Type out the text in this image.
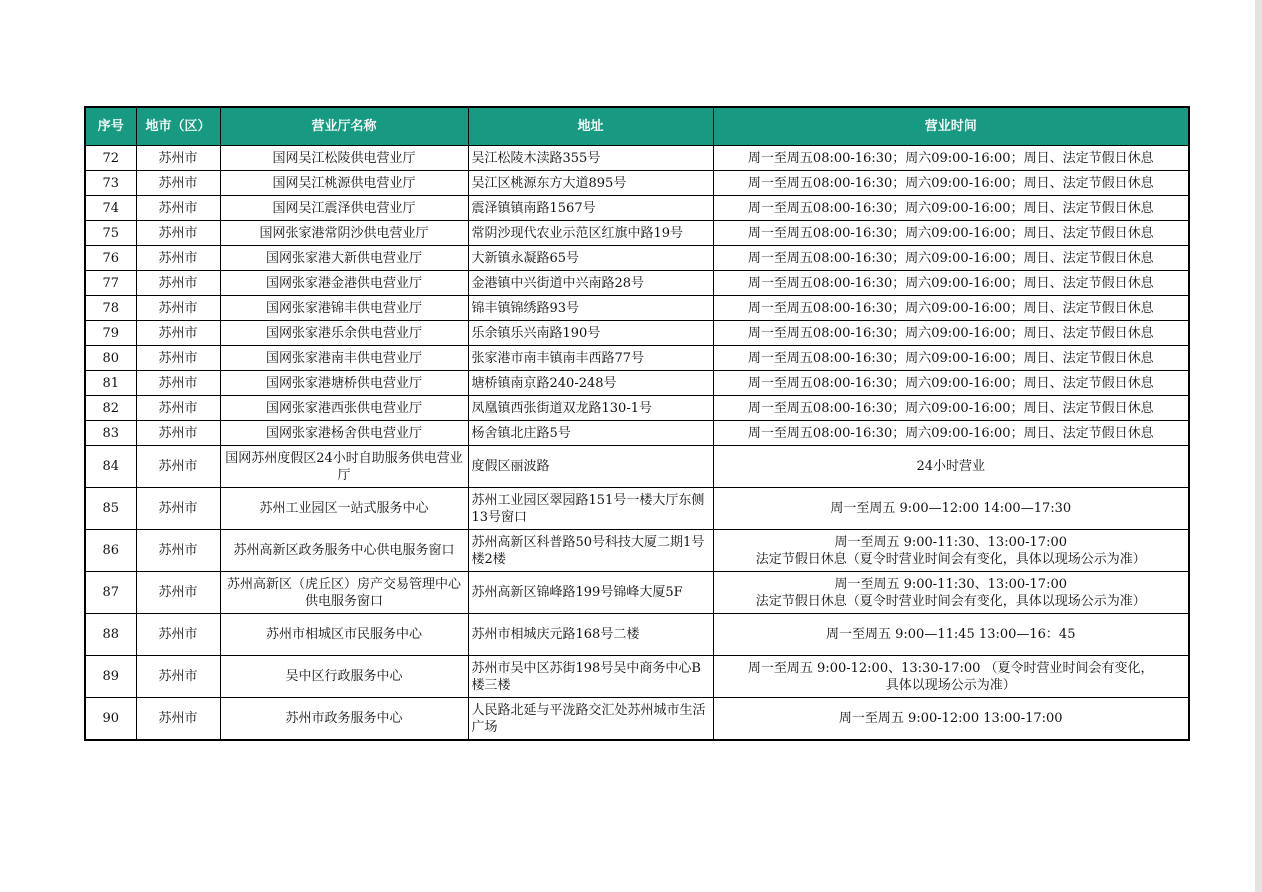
序号	地市（区）	营业厅名称	地址	营业时间
72	苏州市	国网吴江松陵供电营业厅	吴江松陵木渎路355号	周一至周五08:00-16:30；周六09:00-16:00；周日、法定节假日休息
73	苏州市	国网吴江桃源供电营业厅	吴江区桃源东方大道895号	周一至周五08:00-16:30；周六09:00-16:00；周日、法定节假日休息
74	苏州市	国网吴江震泽供电营业厅	震泽镇镇南路1567号	周一至周五08:00-16:30；周六09:00-16:00；周日、法定节假日休息
75	苏州市	国网张家港常阴沙供电营业厅	常阴沙现代农业示范区红旗中路19号	周一至周五08:00-16:30；周六09:00-16:00；周日、法定节假日休息
76	苏州市	国网张家港大新供电营业厅	大新镇永凝路65号	周一至周五08:00-16:30；周六09:00-16:00；周日、法定节假日休息
77	苏州市	国网张家港金港供电营业厅	金港镇中兴街道中兴南路28号	周一至周五08:00-16:30；周六09:00-16:00；周日、法定节假日休息
78	苏州市	国网张家港锦丰供电营业厅	锦丰镇锦绣路93号	周一至周五08:00-16:30；周六09:00-16:00；周日、法定节假日休息
79	苏州市	国网张家港乐余供电营业厅	乐余镇乐兴南路190号	周一至周五08:00-16:30；周六09:00-16:00；周日、法定节假日休息
80	苏州市	国网张家港南丰供电营业厅	张家港市南丰镇南丰西路77号	周一至周五08:00-16:30；周六09:00-16:00；周日、法定节假日休息
81	苏州市	国网张家港塘桥供电营业厅	塘桥镇南京路240-248号	周一至周五08:00-16:30；周六09:00-16:00；周日、法定节假日休息
82	苏州市	国网张家港西张供电营业厅	凤凰镇西张街道双龙路130-1号	周一至周五08:00-16:30；周六09:00-16:00；周日、法定节假日休息
83	苏州市	国网张家港杨舍供电营业厅	杨舍镇北庄路5号	周一至周五08:00-16:30；周六09:00-16:00；周日、法定节假日休息
84	苏州市	国网苏州度假区24小时自助服务供电营业厅	度假区丽波路	24小时营业
85	苏州市	苏州工业园区一站式服务中心	苏州工业园区翠园路151号一楼大厅东侧13号窗口	周一至周五 9:00—12:00 14:00—17:30
86	苏州市	苏州高新区政务服务中心供电服务窗口	苏州高新区科普路50号科技大厦二期1号楼2楼	周一至周五 9:00-11:30、13:00-17:00
法定节假日休息（夏令时营业时间会有变化，具体以现场公示为准）
87	苏州市	苏州高新区（虎丘区）房产交易管理中心供电服务窗口	苏州高新区锦峰路199号锦峰大厦5F	周一至周五 9:00-11:30、13:00-17:00
法定节假日休息（夏令时营业时间会有变化，具体以现场公示为准）
88	苏州市	苏州市相城区市民服务中心	苏州市相城庆元路168号二楼	周一至周五 9:00—11:45 13:00—16：45
89	苏州市	吴中区行政服务中心	苏州市吴中区苏街198号吴中商务中心B楼三楼	周一至周五 9:00-12:00、13:30-17:00 （夏令时营业时间会有变化，
具体以现场公示为准）
90	苏州市	苏州市政务服务中心	人民路北延与平泷路交汇处苏州城市生活广场	周一至周五 9:00-12:00 13:00-17:00
